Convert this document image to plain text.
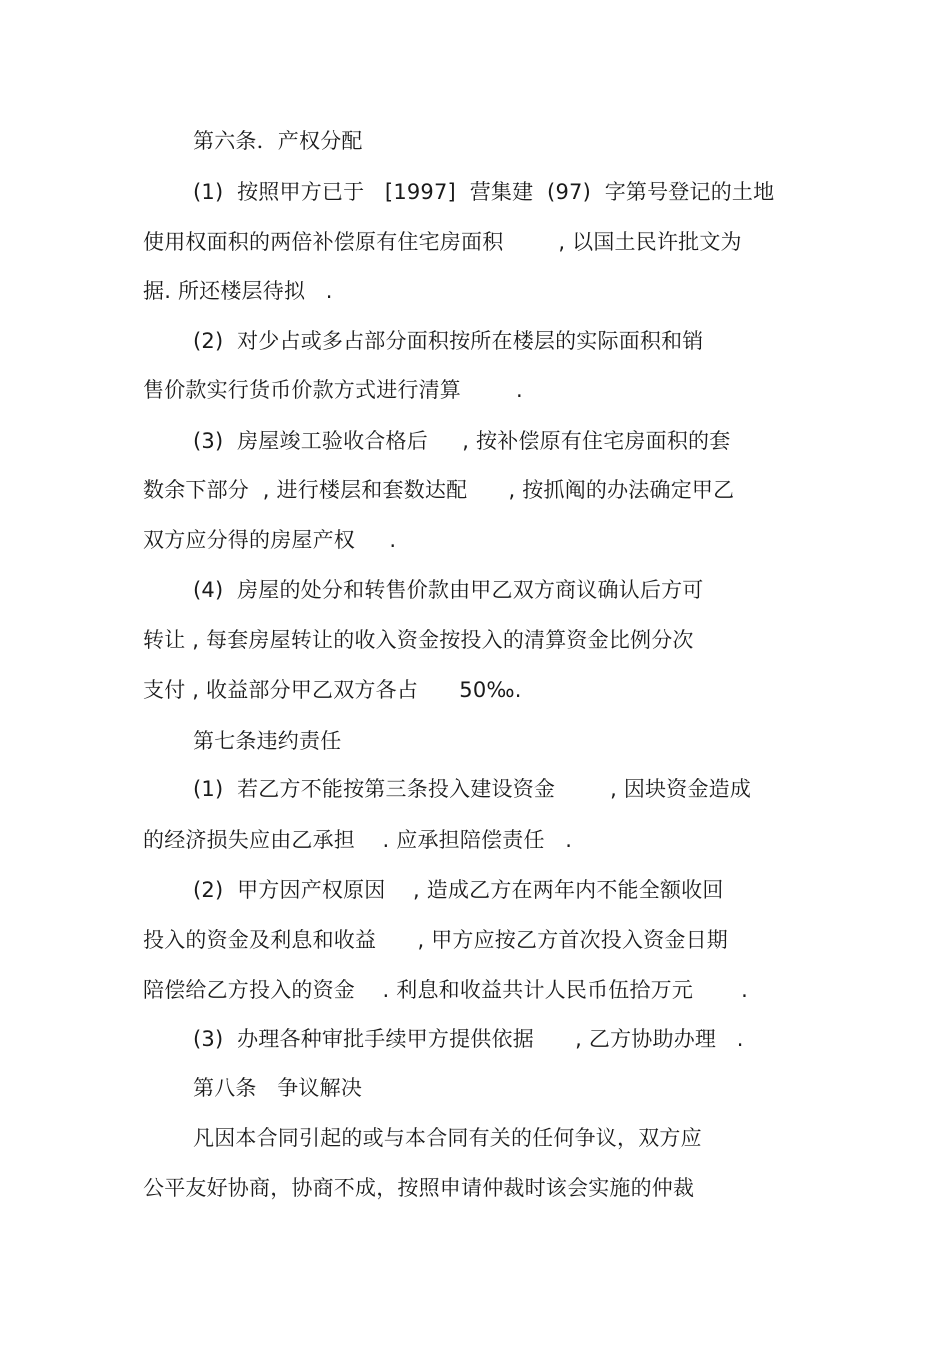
第六条．产权分配
(1)  按照甲方已于   [1997]  营集建  (97)  字第号登记的土地
使用权面积的两倍补偿原有住宅房面积        , 以国土民许批文为
据. 所还楼层待拟   .
(2)  对少占或多占部分面积按所在楼层的实际面积和销
售价款实行货币价款方式进行清算        .
(3)  房屋竣工验收合格后     , 按补偿原有住宅房面积的套
数余下部分  , 进行楼层和套数达配      , 按抓阄的办法确定甲乙
双方应分得的房屋产权     .
(4)  房屋的处分和转售价款由甲乙双方商议确认后方可
转让 , 每套房屋转让的收入资金按投入的清算资金比例分次
支付 , 收益部分甲乙双方各占      50‰.
第七条违约责任
(1)  若乙方不能按第三条投入建设资金        , 因块资金造成
的经济损失应由乙承担    . 应承担陪偿责任   .
(2)  甲方因产权原因    , 造成乙方在两年内不能全额收回
投入的资金及利息和收益      , 甲方应按乙方首次投入资金日期
陪偿给乙方投入的资金    . 利息和收益共计人民币伍拾万元       .
(3)  办理各种审批手续甲方提供依据      , 乙方协助办理   .
第八条   争议解决
凡因本合同引起的或与本合同有关的任何争议，双方应
公平友好协商，协商不成，按照申请仲裁时该会实施的仲裁
